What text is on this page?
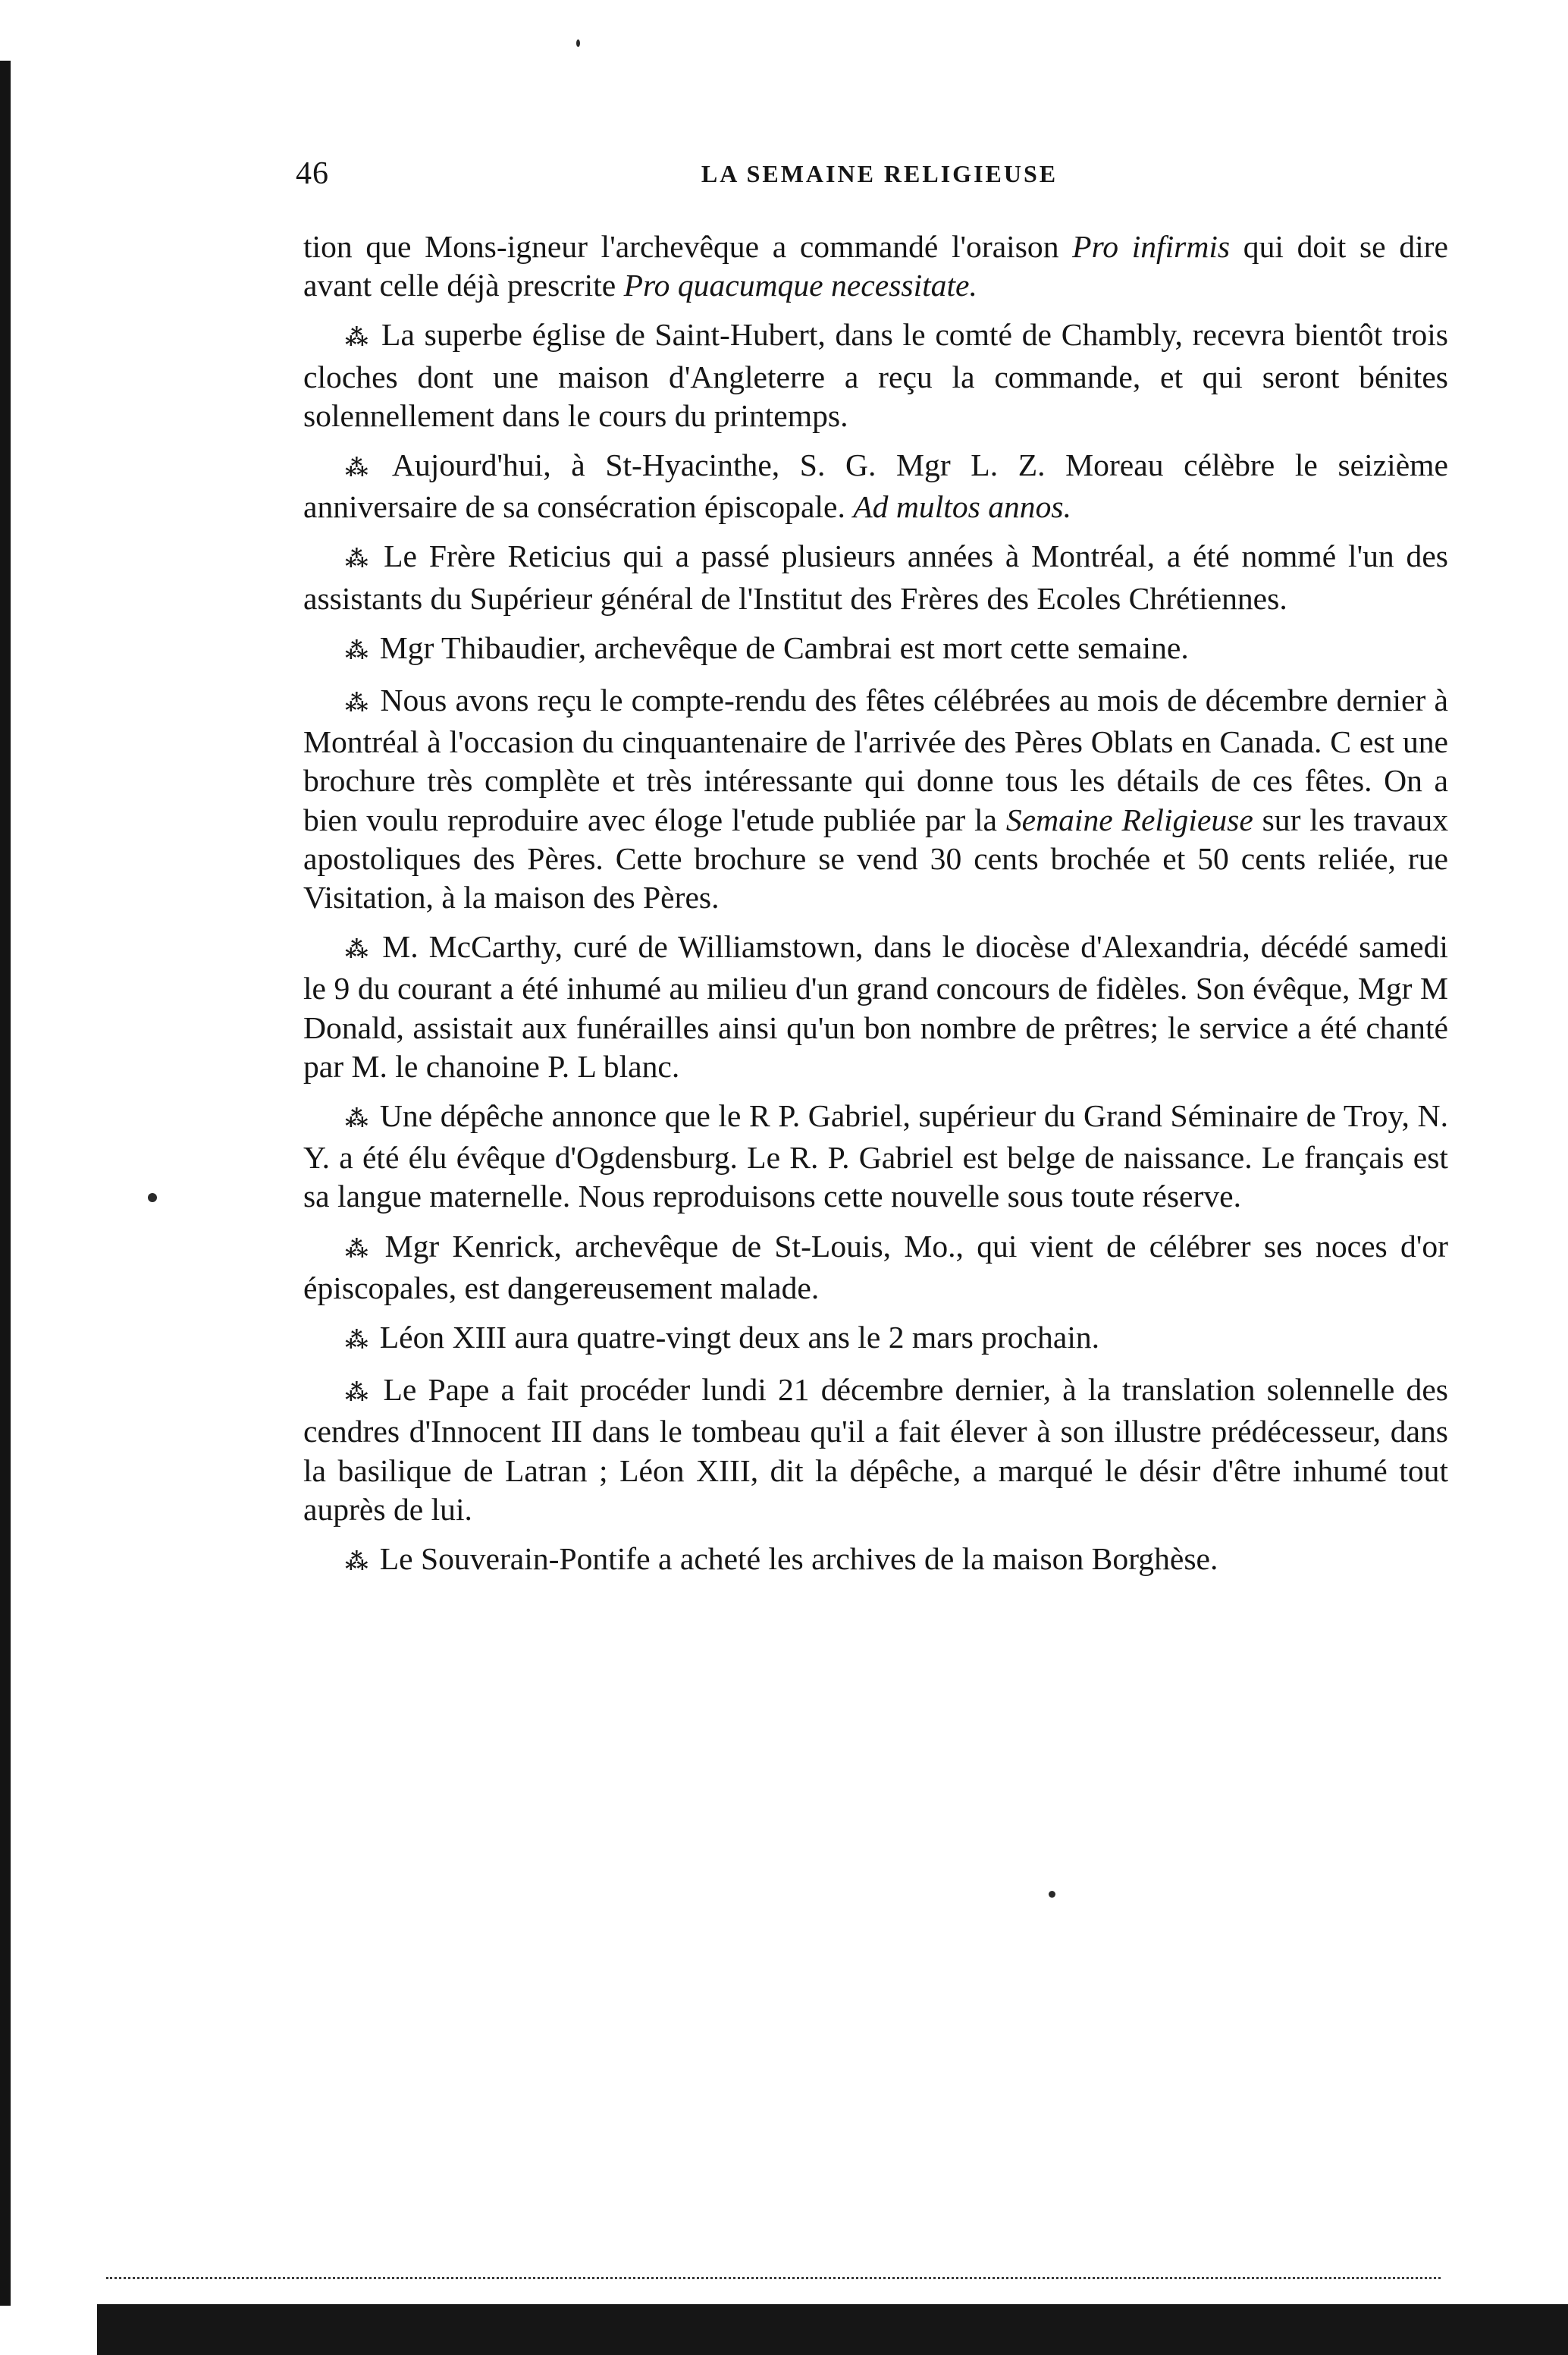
46	LA SEMAINE RELIGIEUSE

tion que Mons-igneur l'archevêque a commandé l'oraison Pro infirmis qui doit se dire avant celle déjà prescrite Pro quacumque necessitate.

⁂ La superbe église de Saint-Hubert, dans le comté de Chambly, recevra bientôt trois cloches dont une maison d'Angleterre a reçu la commande, et qui seront bénites solennellement dans le cours du printemps.

⁂ Aujourd'hui, à St-Hyacinthe, S. G. Mgr L. Z. Moreau célèbre le seizième anniversaire de sa consécration épiscopale. Ad multos annos.

⁂ Le Frère Reticius qui a passé plusieurs années à Montréal, a été nommé l'un des assistants du Supérieur général de l'Institut des Frères des Ecoles Chrétiennes.

⁂ Mgr Thibaudier, archevêque de Cambrai est mort cette semaine.

⁂ Nous avons reçu le compte-rendu des fêtes célébrées au mois de décembre dernier à Montréal à l'occasion du cinquantenaire de l'arrivée des Pères Oblats en Canada. C est une brochure très complète et très intéressante qui donne tous les détails de ces fêtes. On a bien voulu reproduire avec éloge l'etude publiée par la Semaine Religieuse sur les travaux apostoliques des Pères. Cette brochure se vend 30 cents brochée et 50 cents reliée, rue Visitation, à la maison des Pères.

⁂ M. McCarthy, curé de Williamstown, dans le diocèse d'Alexandria, décédé samedi le 9 du courant a été inhumé au milieu d'un grand concours de fidèles. Son évêque, Mgr M Donald, assistait aux funérailles ainsi qu'un bon nombre de prêtres; le service a été chanté par M. le chanoine P. L blanc.

⁂ Une dépêche annonce que le R P. Gabriel, supérieur du Grand Séminaire de Troy, N. Y. a été élu évêque d'Ogdensburg. Le R. P. Gabriel est belge de naissance. Le français est sa langue maternelle. Nous reproduisons cette nouvelle sous toute réserve.

⁂ Mgr Kenrick, archevêque de St-Louis, Mo., qui vient de célébrer ses noces d'or épiscopales, est dangereusement malade.

⁂ Léon XIII aura quatre-vingt deux ans le 2 mars prochain.

⁂ Le Pape a fait procéder lundi 21 décembre dernier, à la translation solennelle des cendres d'Innocent III dans le tombeau qu'il a fait élever à son illustre prédécesseur, dans la basilique de Latran ; Léon XIII, dit la dépêche, a marqué le désir d'être inhumé tout auprès de lui.

⁂ Le Souverain-Pontife a acheté les archives de la maison Borghèse.
